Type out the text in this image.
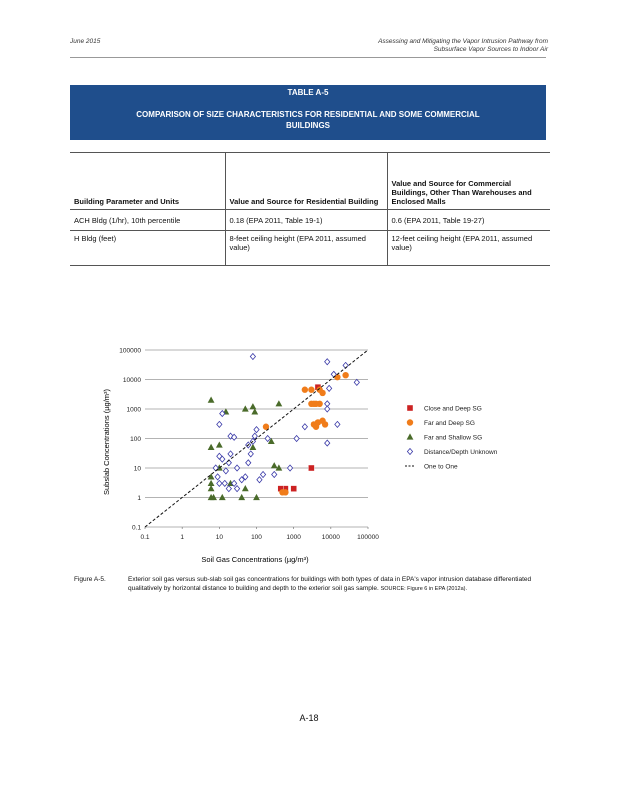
June 2015	Assessing and Mitigating the Vapor Intrusion Pathway from
Subsurface Vapor Sources to Indoor Air
TABLE A-5
COMPARISON OF SIZE CHARACTERISTICS FOR RESIDENTIAL AND SOME COMMERCIAL BUILDINGS
Building Parameter and Units	Value and Source for Residential Building	Value and Source for Commercial Buildings, Other Than Warehouses and Enclosed Malls
ACH Bldg (1/hr), 10th percentile	0.18 (EPA 2011, Table 19-1)	0.6 (EPA 2011, Table 19-27)
H Bldg (feet)	8-feet ceiling height (EPA 2011, assumed value)	12-feet ceiling height (EPA 2011, assumed value)
0.1
1
10
100
1000
10000
100000
0.1	1	10	100	1000	10000	100000
Close and Deep SG
Far and Deep SG
Far and Shallow SG
Distance/Depth Unknown
One to One
Soil Gas Concentrations (µg/m³)
Subslab Concentrations (µg/m³)
Figure A-5.	Exterior soil gas versus sub-slab soil gas concentrations for buildings with both types of data in EPA's vapor intrusion database differentiated qualitatively by horizontal distance to building and depth to the exterior soil gas sample. SOURCE: Figure 6 in EPA (2012a).
A-18
